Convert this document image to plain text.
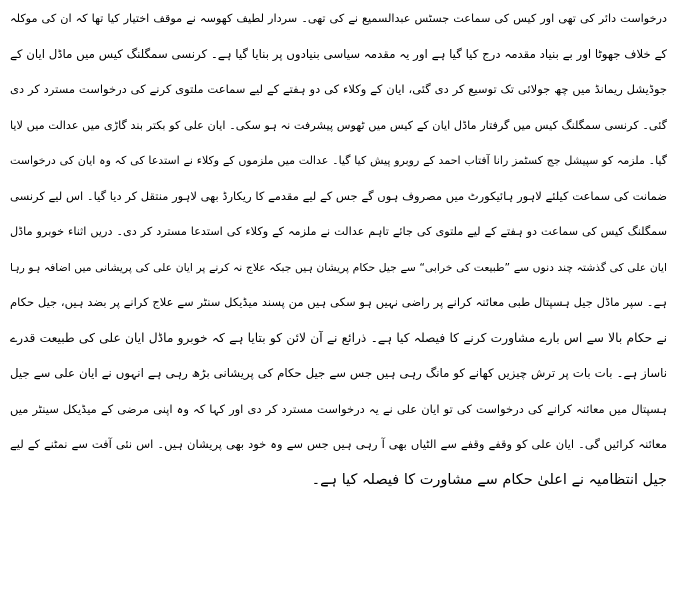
درخواست دائر کی تھی اور کیس کی سماعت جسٹس عبدالسمیع نے کی تھی۔ سردار لطیف کھوسہ نے موقف اختیار کیا تھا کہ ان کی موکلہ
کے خلاف جھوٹا اور بے بنیاد مقدمہ درج کیا گیا ہے اور یہ مقدمہ سیاسی بنیادوں پر بنایا گیا ہے۔ کرنسی سمگلنگ کیس میں ماڈل ایان کے
جوڈیشل ریمانڈ میں چھ جولائی تک توسیع کر دی گئی، ایان کے وکلاء کی دو ہفتے کے لیے سماعت ملتوی کرنے کی درخواست مسترد کر دی
گئی۔ کرنسی سمگلنگ کیس میں گرفتار ماڈل ایان کے کیس میں ٹھوس پیشرفت نہ ہو سکی۔ ایان علی کو بکتر بند گاڑی میں عدالت میں لایا
گیا۔ ملزمہ کو سپیشل جج کسٹمز رانا آفتاب احمد کے روبرو پیش کیا گیا۔ عدالت میں ملزموں کے وکلاء نے استدعا کی کہ وہ ایان کی درخواست
ضمانت کی سماعت کیلئے لاہور ہائیکورٹ میں مصروف ہوں گے جس کے لیے مقدمے کا ریکارڈ بھی لاہور منتقل کر دیا گیا۔ اس لیے کرنسی
سمگلنگ کیس کی سماعت دو ہفتے کے لیے ملتوی کی جائے تاہم عدالت نے ملزمہ کے وکلاء کی استدعا مسترد کر دی۔ دریں اثناء خوبرو ماڈل
ایان علی کی گذشتہ چند دنوں سے ”طبیعت کی خرابی“ سے جیل حکام پریشان ہیں جبکہ علاج نہ کرنے پر ایان علی کی پریشانی میں اضافہ ہو رہا
ہے۔ سپر ماڈل جیل ہسپتال طبی معائنہ کرانے پر راضی نہیں ہو سکی ہیں من پسند میڈیکل سنٹر سے علاج کرانے پر بضد ہیں، جیل حکام
نے حکام بالا سے اس بارے مشاورت کرنے کا فیصلہ کیا ہے۔ ذرائع نے آن لائن کو بتایا ہے کہ خوبرو ماڈل ایان علی کی طبیعت قدرے
ناساز ہے۔ بات بات پر ترش چیزیں کھانے کو مانگ رہی ہیں جس سے جیل حکام کی پریشانی بڑھ رہی ہے انہوں نے ایان علی سے جیل
ہسپتال میں معائنہ کرانے کی درخواست کی تو ایان علی نے یہ درخواست مسترد کر دی اور کہا کہ وہ اپنی مرضی کے میڈیکل سینٹر میں
معائنہ کرائیں گی۔ ایان علی کو وقفے وقفے سے الٹیاں بھی آ رہی ہیں جس سے وہ خود بھی پریشان ہیں۔ اس نئی آفت سے نمٹنے کے لیے
جیل انتظامیہ نے اعلیٰ حکام سے مشاورت کا فیصلہ کیا ہے۔
